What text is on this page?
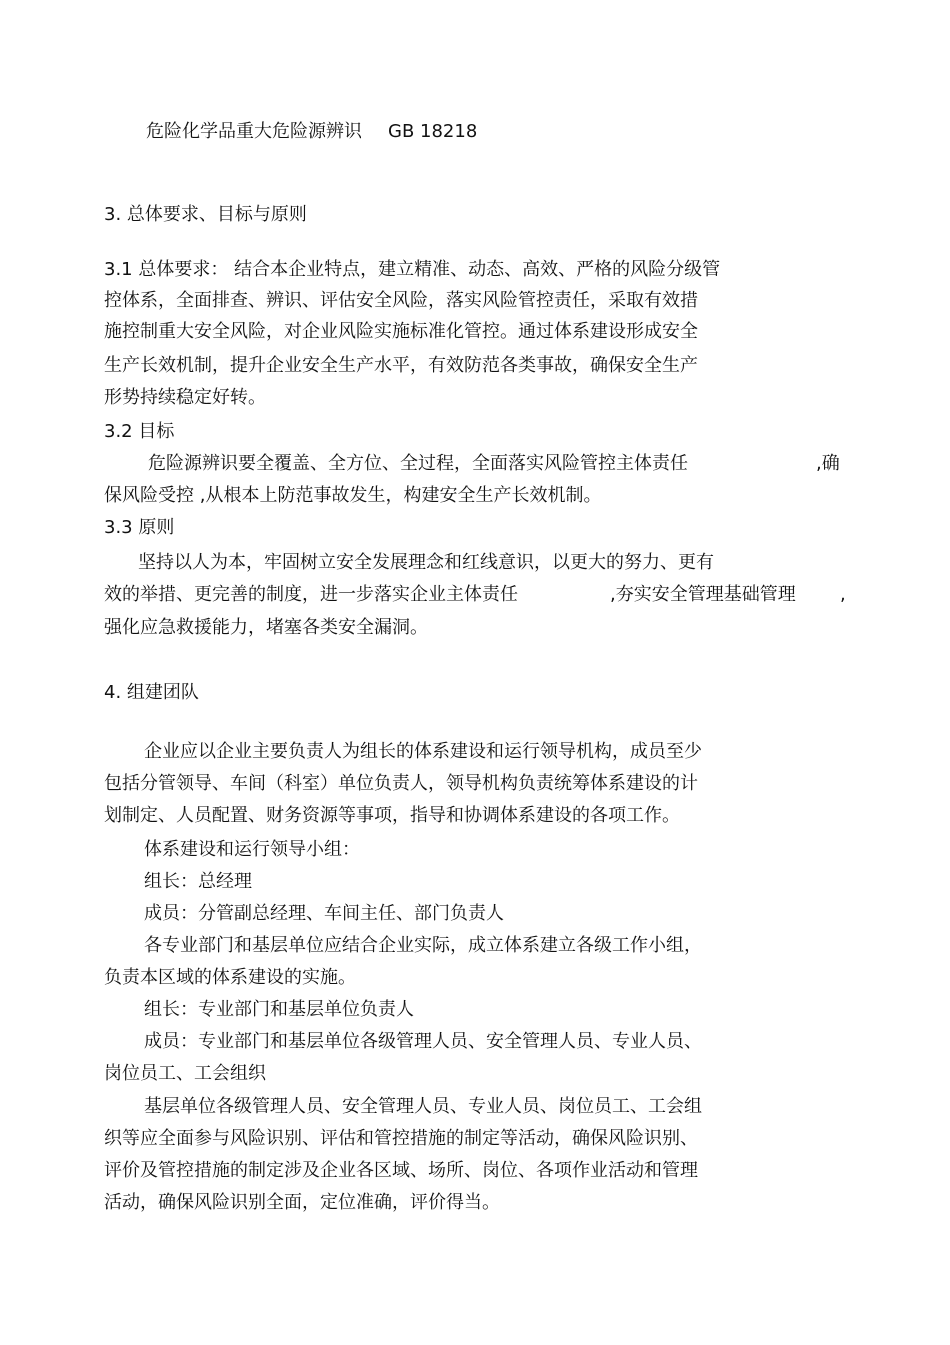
危险化学品重大危险源辨识 GB 18218
3. 总体要求、目标与原则
3.1 总体要求： 结合本企业特点，建立精准、动态、高效、严格的风险分级管
控体系，全面排查、辨识、评估安全风险，落实风险管控责任，采取有效措
施控制重大安全风险，对企业风险实施标准化管控。通过体系建设形成安全
生产长效机制，提升企业安全生产水平，有效防范各类事故，确保安全生产
形势持续稳定好转。
3.2 目标
危险源辨识要全覆盖、全方位、全过程，全面落实风险管控主体责任	,确
保风险受控 ,从根本上防范事故发生，构建安全生产长效机制。
3.3 原则
坚持以人为本，牢固树立安全发展理念和红线意识，以更大的努力、更有
效的举措、更完善的制度，进一步落实企业主体责任	,夯实安全管理基础管理 ,
强化应急救援能力，堵塞各类安全漏洞。
4. 组建团队
企业应以企业主要负责人为组长的体系建设和运行领导机构，成员至少
包括分管领导、车间（科室）单位负责人，领导机构负责统筹体系建设的计
划制定、人员配置、财务资源等事项，指导和协调体系建设的各项工作。
体系建设和运行领导小组：
组长：总经理
成员：分管副总经理、车间主任、部门负责人
各专业部门和基层单位应结合企业实际，成立体系建立各级工作小组，
负责本区域的体系建设的实施。
组长：专业部门和基层单位负责人
成员：专业部门和基层单位各级管理人员、安全管理人员、专业人员、
岗位员工、工会组织
基层单位各级管理人员、安全管理人员、专业人员、岗位员工、工会组
织等应全面参与风险识别、评估和管控措施的制定等活动，确保风险识别、
评价及管控措施的制定涉及企业各区域、场所、岗位、各项作业活动和管理
活动，确保风险识别全面，定位准确，评价得当。
